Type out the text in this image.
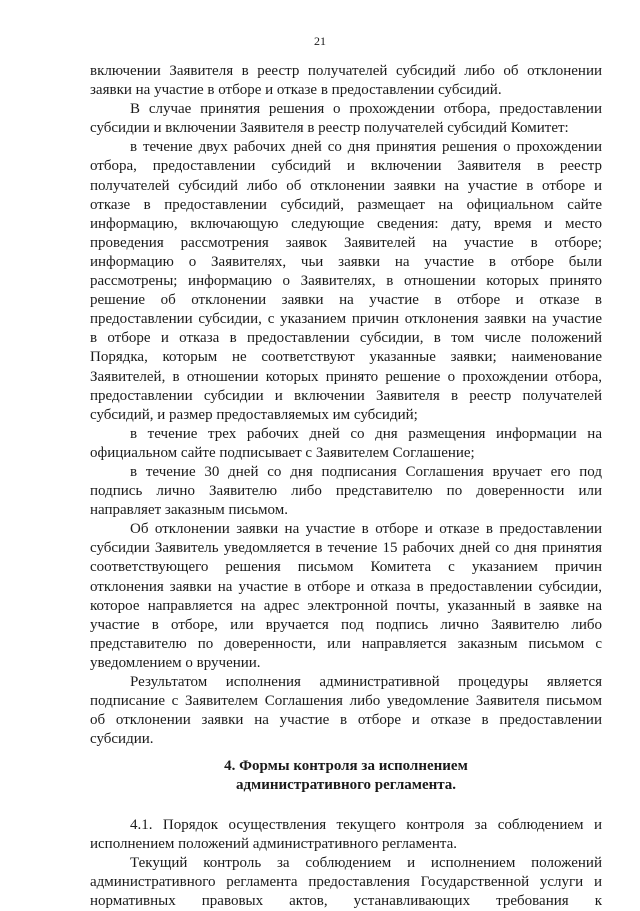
21
включении Заявителя в реестр получателей субсидий либо об отклонении
заявки на участие в отборе и отказе в предоставлении субсидий.
В случае принятия решения о прохождении отбора, предоставлении
субсидии и включении Заявителя в реестр получателей субсидий Комитет:
в течение двух рабочих дней со дня принятия решения о прохождении
отбора, предоставлении субсидий и включении Заявителя в реестр
получателей субсидий либо об отклонении заявки на участие в отборе и
отказе в предоставлении субсидий, размещает на официальном сайте
информацию, включающую следующие сведения: дату, время и место
проведения рассмотрения заявок Заявителей на участие в отборе;
информацию о Заявителях, чьи заявки на участие в отборе были
рассмотрены; информацию о Заявителях, в отношении которых принято
решение об отклонении заявки на участие в отборе и отказе в
предоставлении субсидии, с указанием причин отклонения заявки на участие
в отборе и отказа в предоставлении субсидии, в том числе положений
Порядка, которым не соответствуют указанные заявки; наименование
Заявителей, в отношении которых принято решение о прохождении отбора,
предоставлении субсидии и включении Заявителя в реестр получателей
субсидий, и размер предоставляемых им субсидий;
в течение трех рабочих дней со дня размещения информации на
официальном сайте подписывает с Заявителем Соглашение;
в течение 30 дней со дня подписания Соглашения вручает его под
подпись лично Заявителю либо представителю по доверенности или
направляет заказным письмом.
Об отклонении заявки на участие в отборе и отказе в предоставлении
субсидии Заявитель уведомляется в течение 15 рабочих дней со дня принятия
соответствующего решения письмом Комитета с указанием причин
отклонения заявки на участие в отборе и отказа в предоставлении субсидии,
которое направляется на адрес электронной почты, указанный в заявке на
участие в отборе, или вручается под подпись лично Заявителю либо
представителю по доверенности, или направляется заказным письмом с
уведомлением о вручении.
Результатом исполнения административной процедуры является
подписание с Заявителем Соглашения либо уведомление Заявителя письмом
об отклонении заявки на участие в отборе и отказе в предоставлении
субсидии.

4. Формы контроля за исполнением

административного регламента.

4.1. Порядок осуществления текущего контроля за соблюдением и
исполнением положений административного регламента.
Текущий контроль за соблюдением и исполнением положений
административного регламента предоставления Государственной услуги и
нормативных правовых актов, устанавливающих требования к
